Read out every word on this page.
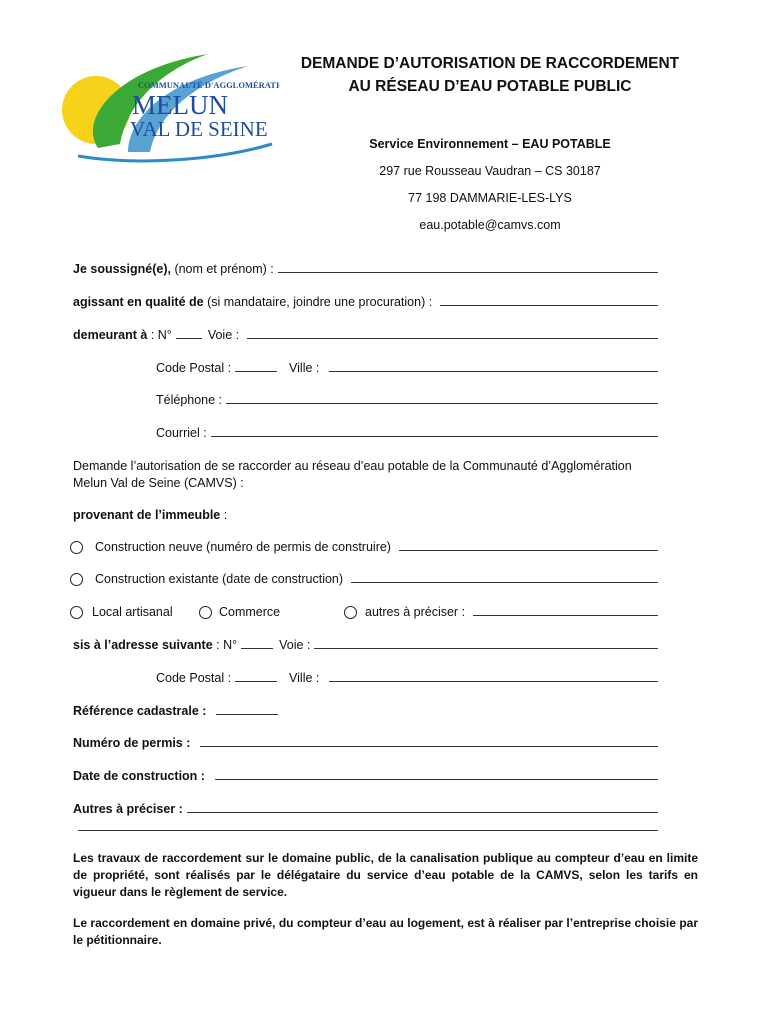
COMMUNAUTÉ D'AGGLOMÉRATION
MELUN
VAL DE SEINE
DEMANDE D’AUTORISATION DE RACCORDEMENT
AU RÉSEAU D’EAU POTABLE PUBLIC
Service Environnement – EAU POTABLE
297 rue Rousseau Vaudran – CS 30187
77 198 DAMMARIE-LES-LYS
eau.potable@camvs.com
Je soussigné(e),
(nom et prénom) :
agissant en qualité de
(si mandataire, joindre une procuration) :
demeurant à
: N°	Voie :
Code Postal :	Ville :
Téléphone :
Courriel :
Demande l’autorisation de se raccorder au réseau d’eau potable de la Communauté d’Agglomération Melun Val de Seine (CAMVS) :
provenant de l’immeuble
:
Construction neuve (numéro de permis de construire)
Construction existante (date de construction)
Local artisanal	Commerce	autres à préciser :
sis à l’adresse suivante
: N°	Voie :
Code Postal :	Ville :
Référence cadastrale :
Numéro de permis :
Date de construction :
Autres à préciser :
Les travaux de raccordement sur le domaine public, de la canalisation publique au compteur d’eau en limite de propriété, sont réalisés par le délégataire du service d’eau potable de la CAMVS, selon les tarifs en vigueur dans le règlement de service.
Le raccordement en domaine privé, du compteur d’eau au logement, est à réaliser par l’entreprise choisie par le pétitionnaire.
